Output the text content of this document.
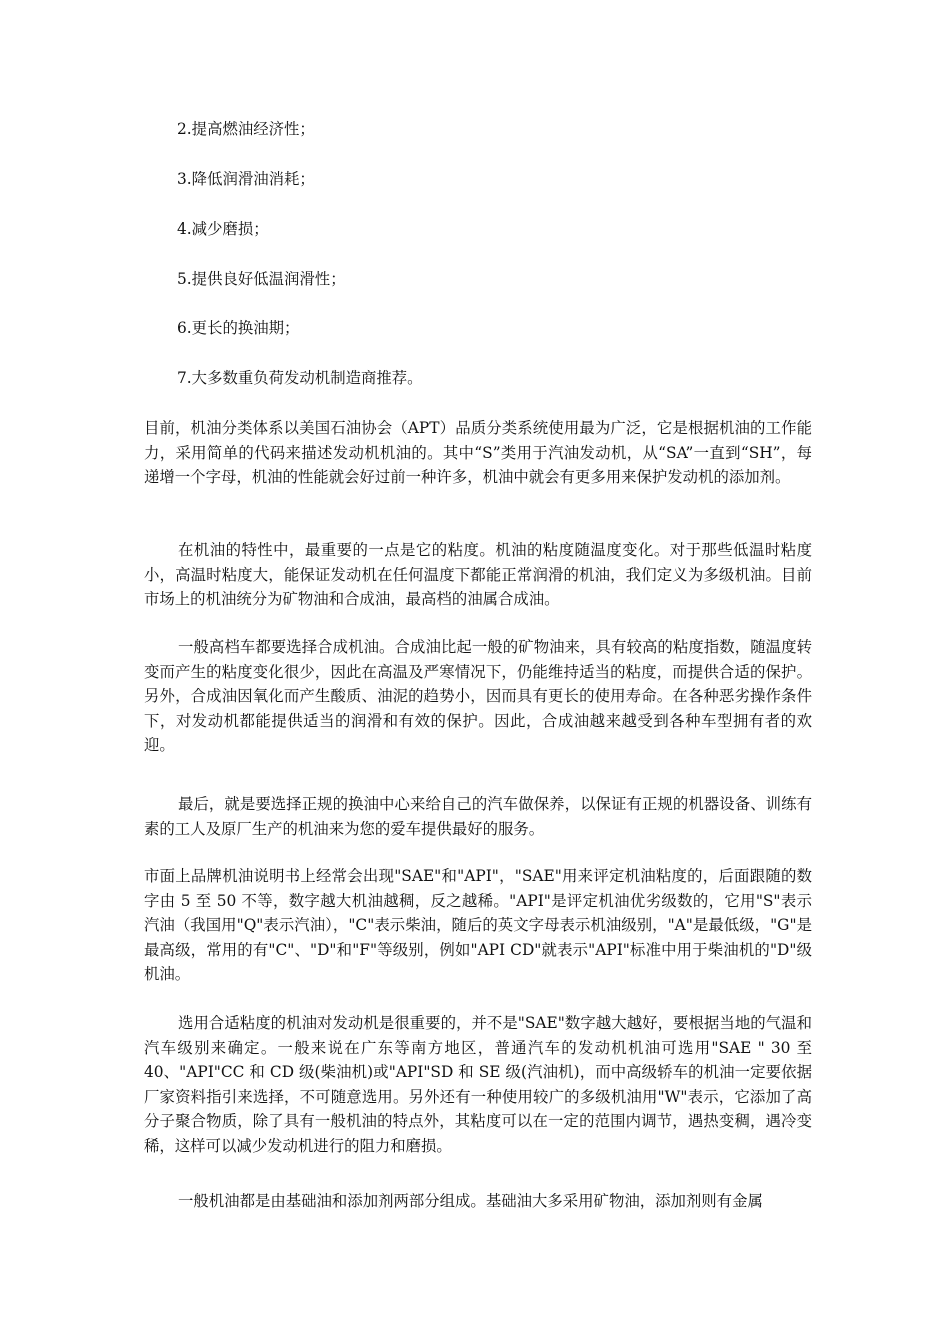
2.提高燃油经济性；
3.降低润滑油消耗；
4.减少磨损；
5.提供良好低温润滑性；
6.更长的换油期；
7.大多数重负荷发动机制造商推荐。

目前，机油分类体系以美国石油协会（APT）品质分类系统使用最为广泛，它是根据机油的工作能力，采用简单的代码来描述发动机机油的。其中“S”类用于汽油发动机，从“SA”一直到“SH”，每递增一个字母，机油的性能就会好过前一种许多，机油中就会有更多用来保护发动机的添加剂。

在机油的特性中，最重要的一点是它的粘度。机油的粘度随温度变化。对于那些低温时粘度小，高温时粘度大，能保证发动机在任何温度下都能正常润滑的机油，我们定义为多级机油。目前市场上的机油统分为矿物油和合成油，最高档的油属合成油。

一般高档车都要选择合成机油。合成油比起一般的矿物油来，具有较高的粘度指数，随温度转变而产生的粘度变化很少，因此在高温及严寒情况下，仍能维持适当的粘度，而提供合适的保护。另外，合成油因氧化而产生酸质、油泥的趋势小，因而具有更长的使用寿命。在各种恶劣操作条件下，对发动机都能提供适当的润滑和有效的保护。因此，合成油越来越受到各种车型拥有者的欢迎。

最后，就是要选择正规的换油中心来给自己的汽车做保养，以保证有正规的机器设备、训练有素的工人及原厂生产的机油来为您的爱车提供最好的服务。

市面上品牌机油说明书上经常会出现"SAE"和"API"，"SAE"用来评定机油粘度的，后面跟随的数字由 5 至 50 不等，数字越大机油越稠，反之越稀。"API"是评定机油优劣级数的，它用"S"表示汽油（我国用"Q"表示汽油），"C"表示柴油，随后的英文字母表示机油级别，"A"是最低级，"G"是最高级，常用的有"C"、"D"和"F"等级别，例如"API CD"就表示"API"标准中用于柴油机的"D"级机油。

选用合适粘度的机油对发动机是很重要的，并不是"SAE"数字越大越好，要根据当地的气温和汽车级别来确定。一般来说在广东等南方地区，普通汽车的发动机机油可选用"SAE " 30 至 40、"API"CC 和 CD 级(柴油机)或"API"SD 和 SE 级(汽油机)，而中高级轿车的机油一定要依据厂家资料指引来选择，不可随意选用。另外还有一种使用较广的多级机油用"W"表示，它添加了高分子聚合物质，除了具有一般机油的特点外，其粘度可以在一定的范围内调节，遇热变稠，遇冷变稀，这样可以减少发动机进行的阻力和磨损。

一般机油都是由基础油和添加剂两部分组成。基础油大多采用矿物油，添加剂则有金属
